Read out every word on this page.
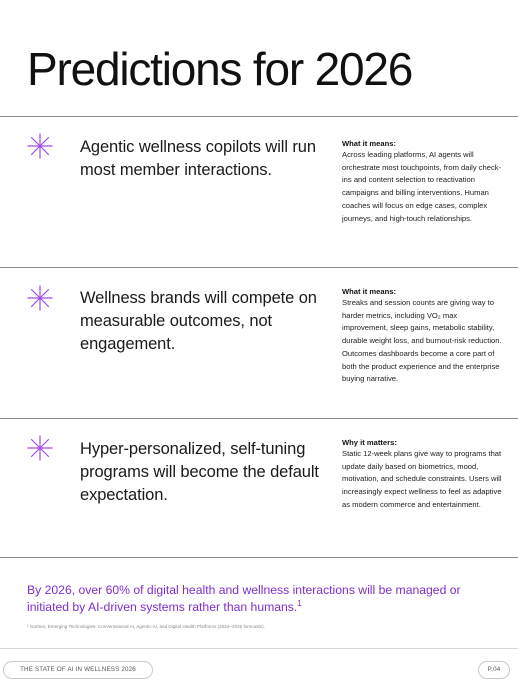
Predictions for 2026

Agentic wellness copilots will run most member interactions.

What it means:

Across leading platforms, AI agents will orchestrate most touchpoints, from daily check-ins and content selection to reactivation campaigns and billing interventions. Human coaches will focus on edge cases, complex journeys, and high-touch relationships.

Wellness brands will compete on measurable outcomes, not engagement.

What it means:

Streaks and session counts are giving way to harder metrics, including VO₂ max improvement, sleep gains, metabolic stability, durable weight loss, and burnout-risk reduction. Outcomes dashboards become a core part of both the product experience and the enterprise buying narrative.

Hyper-personalized, self-tuning programs will become the default expectation.

Why it matters:

Static 12-week plans give way to programs that update daily based on biometrics, mood, motivation, and schedule constraints. Users will increasingly expect wellness to feel as adaptive as modern commerce and entertainment.

By 2026, over 60% of digital health and wellness interactions will be managed or initiated by AI-driven systems rather than humans.$^1$

¹ Gartner, Emerging Technologies: Conversational AI, Agentic AI, and Digital Health Platforms (2024–2025 forecasts).

THE STATE OF AI IN WELLNESS 2026	P.04
